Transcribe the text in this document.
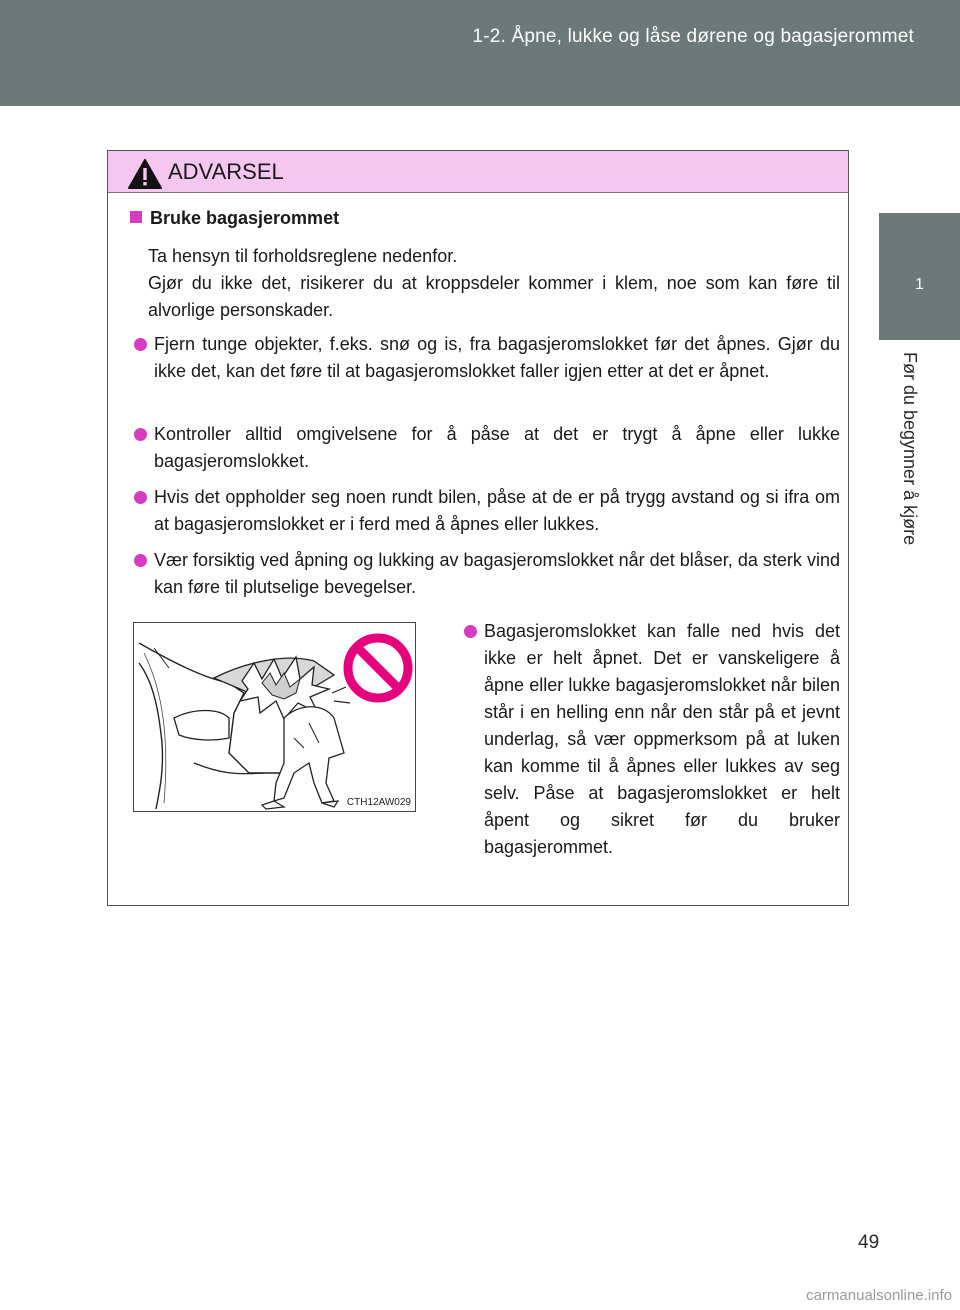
1-2. Åpne, lukke og låse dørene og bagasjerommet
1
Før du begynner å kjøre
ADVARSEL
Bruke bagasjerommet
Ta hensyn til forholdsreglene nedenfor.
Gjør du ikke det, risikerer du at kroppsdeler kommer i klem, noe som kan føre til alvorlige personskader.
Fjern tunge objekter, f.eks. snø og is, fra bagasjeromslokket før det åpnes. Gjør du ikke det, kan det føre til at bagasjeromslokket faller igjen etter at det er åpnet.
Kontroller alltid omgivelsene for å påse at det er trygt å åpne eller lukke bagasjeromslokket.
Hvis det oppholder seg noen rundt bilen, påse at de er på trygg avstand og si ifra om at bagasjeromslokket er i ferd med å åpnes eller lukkes.
Vær forsiktig ved åpning og lukking av bagasjeromslokket når det blåser, da sterk vind kan føre til plutselige bevegelser.
CTH12AW029
Bagasjeromslokket kan falle ned hvis det ikke er helt åpnet. Det er vanskeligere å åpne eller lukke bagasjeromslokket når bilen står i en helling enn når den står på et jevnt underlag, så vær oppmerksom på at luken kan komme til å åpnes eller lukkes av seg selv. Påse at bagasjeromslokket er helt åpent og sikret før du bruker bagasjerommet.
49
carmanualsonline.info
